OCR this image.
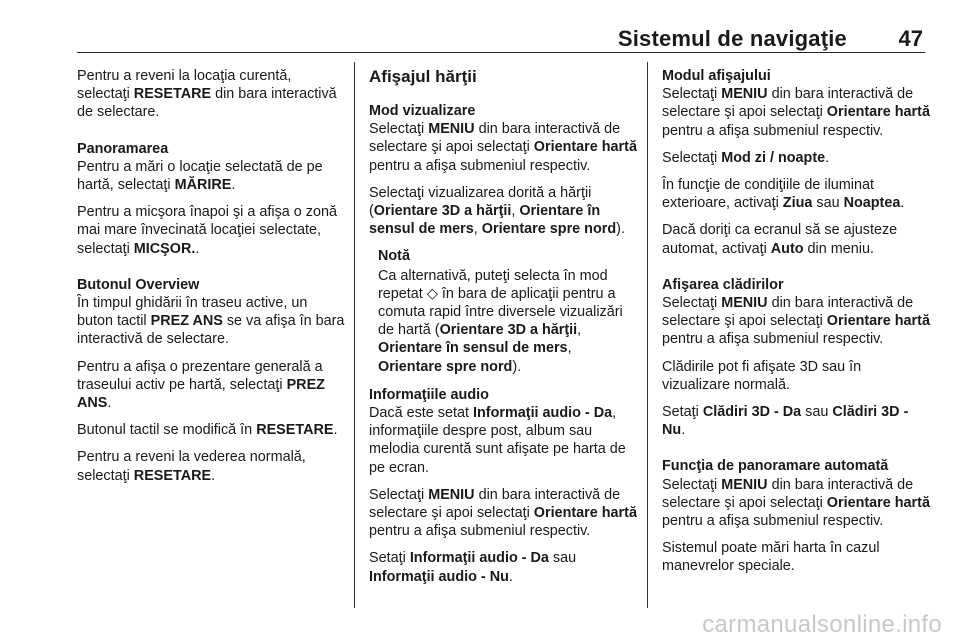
Sistemul de navigaţie 47

Pentru a reveni la locaţia curentă, selectaţi RESETARE din bara interactivă de selectare.

Panoramarea

Pentru a mări o locaţie selectată de pe hartă, selectaţi MĂRIRE.

Pentru a micşora înapoi şi a afişa o zonă mai mare învecinată locaţiei selectate, selectaţi MICŞOR..

Butonul Overview

În timpul ghidării în traseu active, un buton tactil PREZ ANS se va afişa în bara interactivă de selectare.

Pentru a afişa o prezentare generală a traseului activ pe hartă, selectaţi PREZ ANS.

Butonul tactil se modifică în RESETARE.

Pentru a reveni la vederea normală, selectaţi RESETARE.

Afişajul hărţii
Mod vizualizare

Selectaţi MENIU din bara interactivă de selectare şi apoi selectaţi Orientare hartă pentru a afişa submeniul respectiv.

Selectaţi vizualizarea dorită a hărţii (Orientare 3D a hărţii, Orientare în sensul de mers, Orientare spre nord).

Notă
Ca alternativă, puteţi selecta în mod repetat ◇ în bara de aplicaţii pentru a comuta rapid între diversele vizualizări de hartă (Orientare 3D a hărţii, Orientare în sensul de mers, Orientare spre nord).
Informaţiile audio

Dacă este setat Informaţii audio - Da, informaţiile despre post, album sau melodia curentă sunt afişate pe harta de pe ecran.

Selectaţi MENIU din bara interactivă de selectare şi apoi selectaţi Orientare hartă pentru a afişa submeniul respectiv.

Setaţi Informaţii audio - Da sau Informaţii audio - Nu.

Modul afişajului

Selectaţi MENIU din bara interactivă de selectare şi apoi selectaţi Orientare hartă pentru a afişa submeniul respectiv.

Selectaţi Mod zi / noapte.

În funcţie de condiţiile de iluminat exterioare, activaţi Ziua sau Noaptea.

Dacă doriţi ca ecranul să se ajusteze automat, activaţi Auto din meniu.

Afişarea clădirilor

Selectaţi MENIU din bara interactivă de selectare şi apoi selectaţi Orientare hartă pentru a afişa submeniul respectiv.

Clădirile pot fi afişate 3D sau în vizualizare normală.

Setaţi Clădiri 3D - Da sau Clădiri 3D - Nu.

Funcţia de panoramare automată

Selectaţi MENIU din bara interactivă de selectare şi apoi selectaţi Orientare hartă pentru a afişa submeniul respectiv.

Sistemul poate mări harta în cazul manevrelor speciale.

carmanualsonline.info
